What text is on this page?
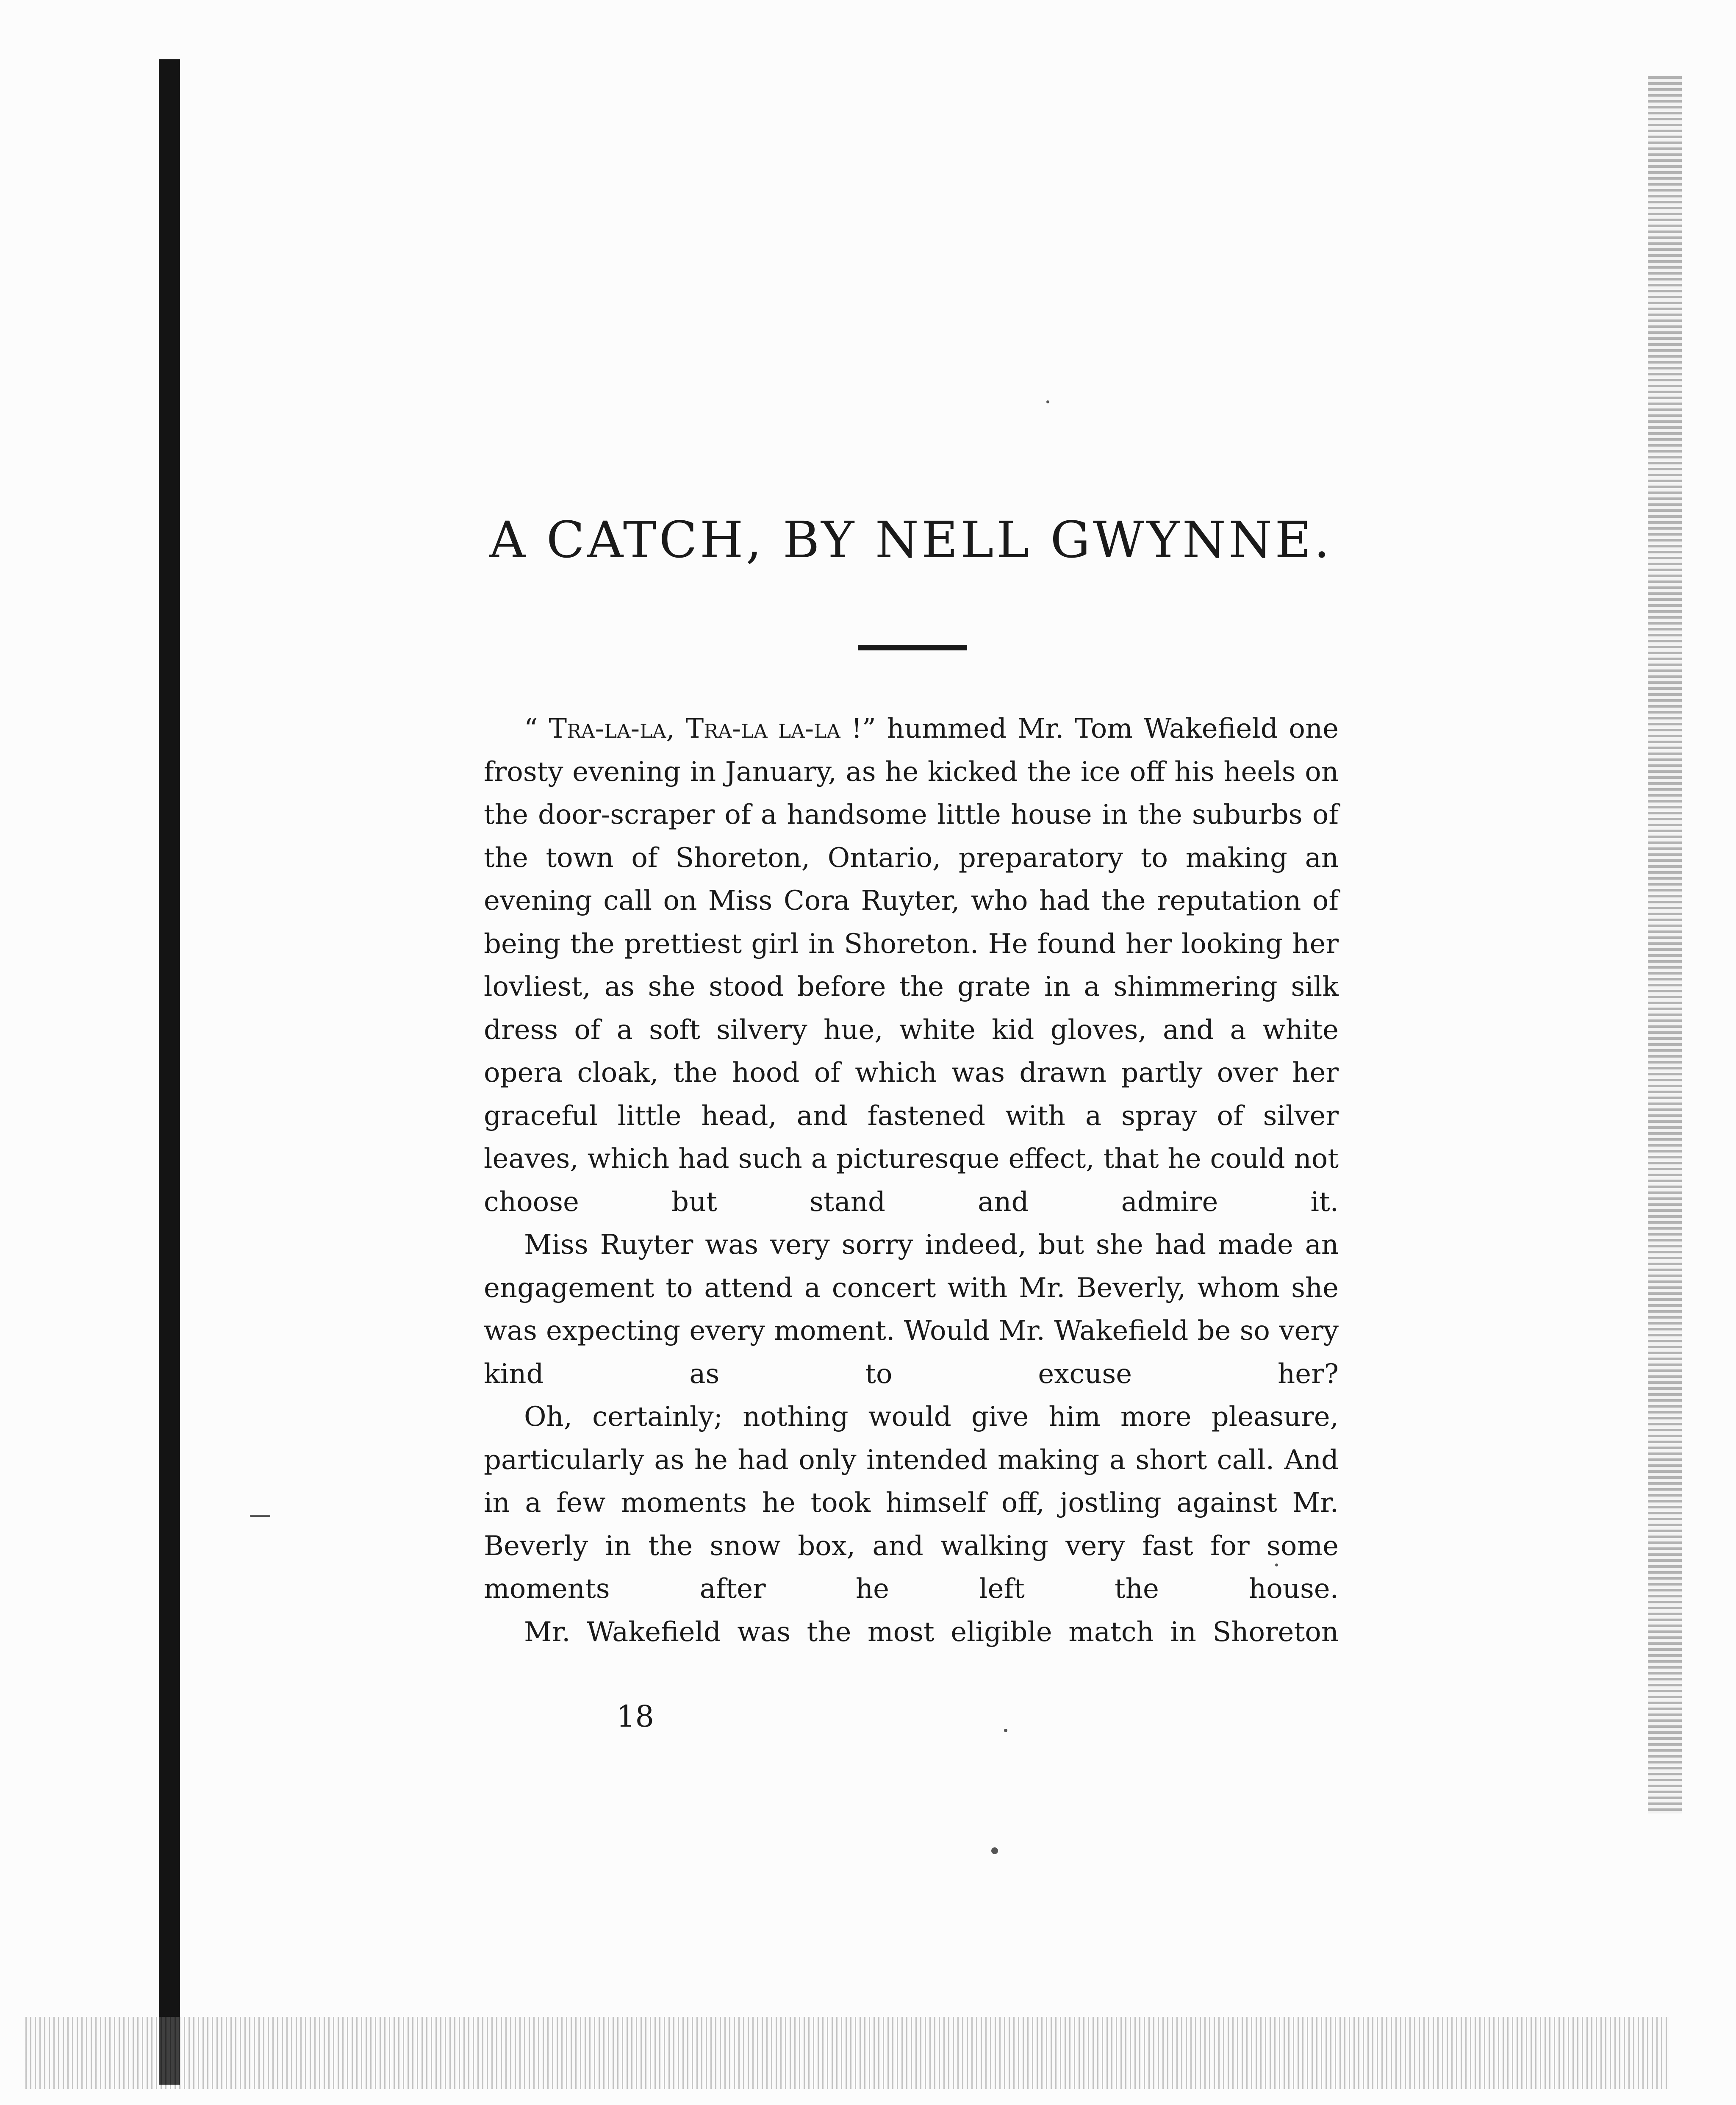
A CATCH, BY NELL GWYNNE.

“ Tra-la-la, Tra-la la-la !” hummed Mr. Tom Wakefield one frosty evening in January, as he kicked the ice off his heels on the door-scraper of a handsome little house in the suburbs of the town of Shoreton, Ontario, preparatory to making an evening call on Miss Cora Ruyter, who had the reputation of being the prettiest girl in Shoreton. He found her looking her lovliest, as she stood before the grate in a shimmering silk dress of a soft silvery hue, white kid gloves, and a white opera cloak, the hood of which was drawn partly over her graceful little head, and fastened with a spray of silver leaves, which had such a picturesque effect, that he could not choose but stand and admire it.

Miss Ruyter was very sorry indeed, but she had made an engagement to attend a concert with Mr. Beverly, whom she was expecting every moment. Would Mr. Wakefield be so very kind as to excuse her?

Oh, certainly; nothing would give him more pleasure, particularly as he had only intended making a short call. And in a few moments he took himself off, jostling against Mr. Beverly in the snow box, and walking very fast for some moments after he left the house.

Mr. Wakefield was the most eligible match in Shoreton

18
